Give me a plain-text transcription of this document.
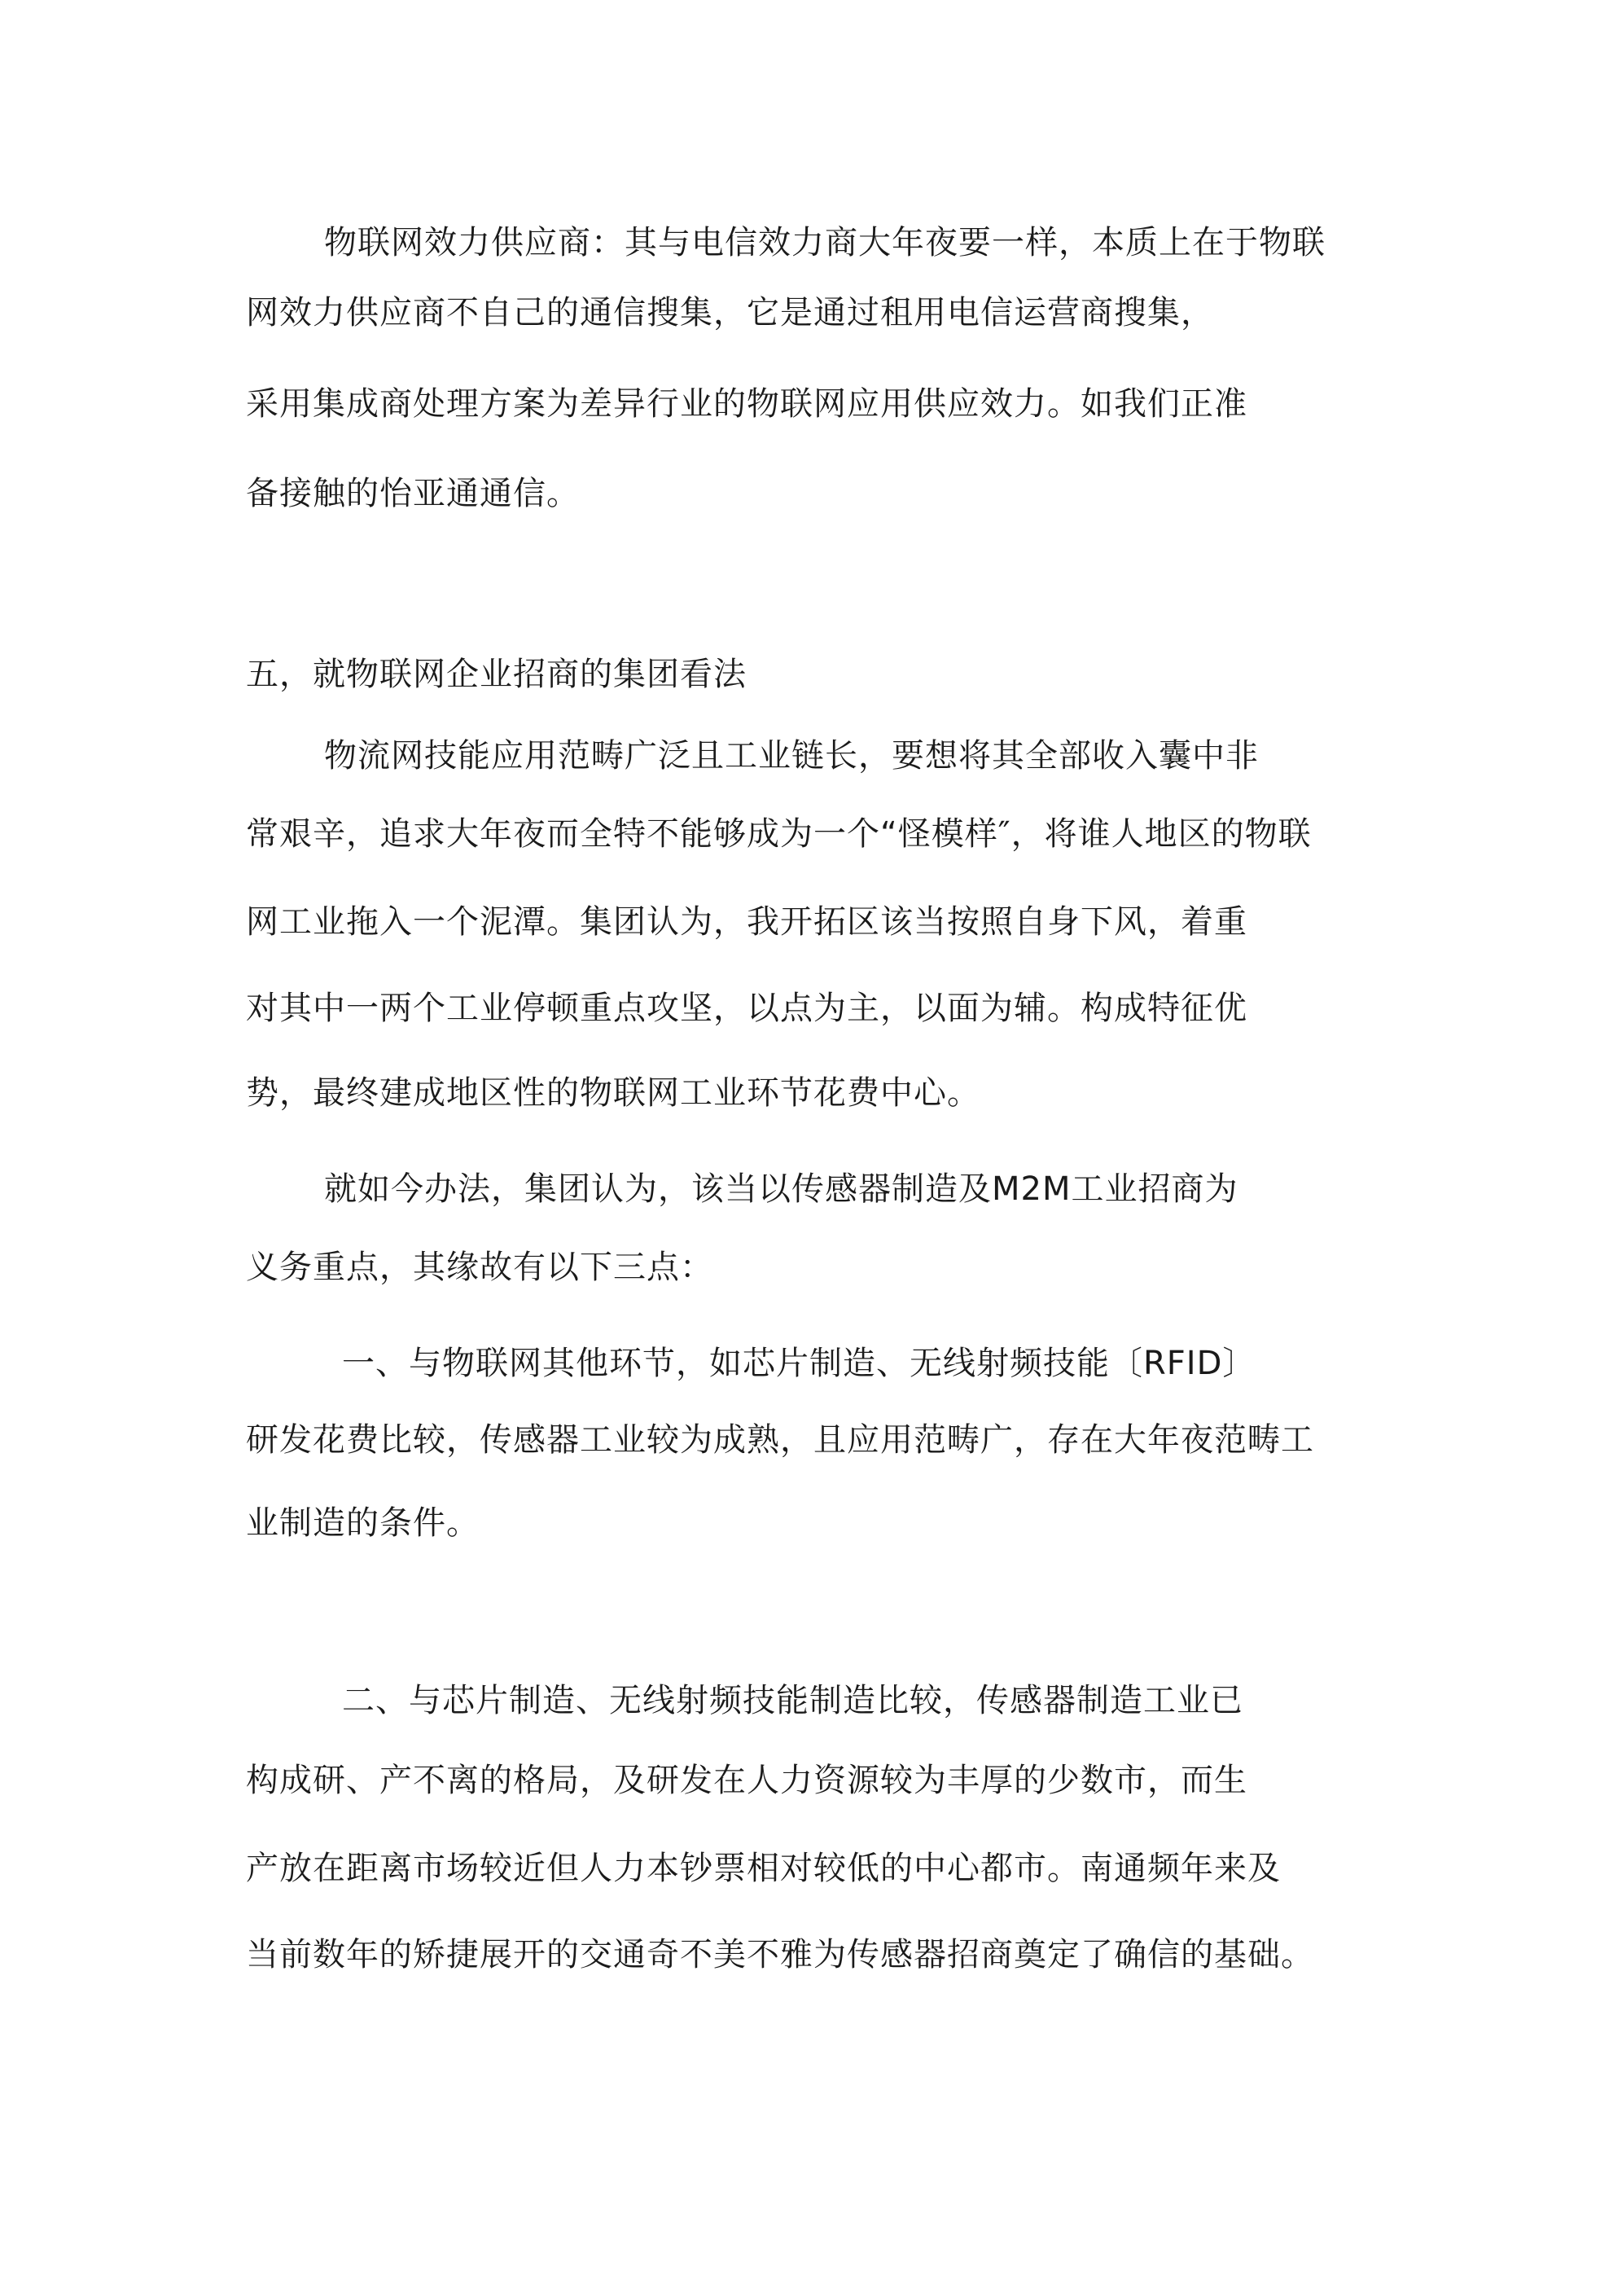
物联网效力供应商：其与电信效力商大年夜要一样，本质上在于物联
网效力供应商不自己的通信搜集，它是通过租用电信运营商搜集，
采用集成商处理方案为差异行业的物联网应用供应效力。如我们正准
备接触的怡亚通通信。
五，就物联网企业招商的集团看法
物流网技能应用范畴广泛且工业链长，要想将其全部收入囊中非
常艰辛，追求大年夜而全特不能够成为一个“怪模样″，将谁人地区的物联
网工业拖入一个泥潭。集团认为，我开拓区该当按照自身下风，着重
对其中一两个工业停顿重点攻坚，以点为主，以面为辅。构成特征优
势，最终建成地区性的物联网工业环节花费中心。
就如今办法，集团认为，该当以传感器制造及M2M工业招商为
义务重点，其缘故有以下三点：
一、与物联网其他环节，如芯片制造、无线射频技能〔RFID〕
研发花费比较，传感器工业较为成熟，且应用范畴广，存在大年夜范畴工
业制造的条件。
二、与芯片制造、无线射频技能制造比较，传感器制造工业已
构成研、产不离的格局，及研发在人力资源较为丰厚的少数市，而生
产放在距离市场较近但人力本钞票相对较低的中心都市。南通频年来及
当前数年的矫捷展开的交通奇不美不雅为传感器招商奠定了确信的基础。
